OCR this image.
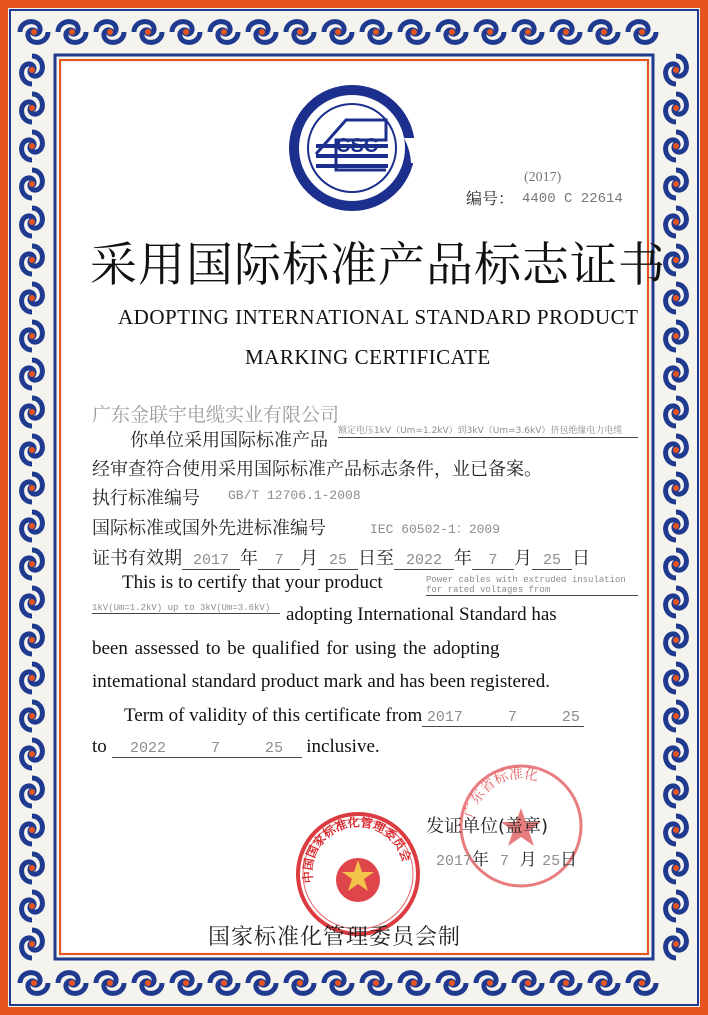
CSC
(2017)
编号： 4400 C 22614
采用国际标准产品标志证书
ADOPTING INTERNATIONAL STANDARD PRODUCT
MARKING CERTIFICATE
广东金联宇电缆实业有限公司
你单位采用国际标准产品 额定电压1kV（Um=1.2kV）到3kV（Um=3.6kV）挤包绝缘电力电缆
经审查符合使用采用国际标准产品标志条件，业已备案。
执行标准编号 GB/T 12706.1-2008
国际标准或国外先进标准编号	IEC 60502-1：2009
证书有效期 2017 年 7 月 25 日至 2022 年 7 月 25 日
This is to certify that your product	Power cables with extruded insulation for rated voltages from
1kV(Um=1.2kV) up to 3kV(Um=3.6kV) adopting International Standard has
been assessed to be qualified for using the adopting
intemational standard product mark and has been registered.
Term of validity of this certificate from 2017     7     25
to 2022     7     25 inclusive.
中国国家标准化管理委员会
广东省标准化
发证单位(盖章)
2017年 7 月 25日
国家标准化管理委员会制
